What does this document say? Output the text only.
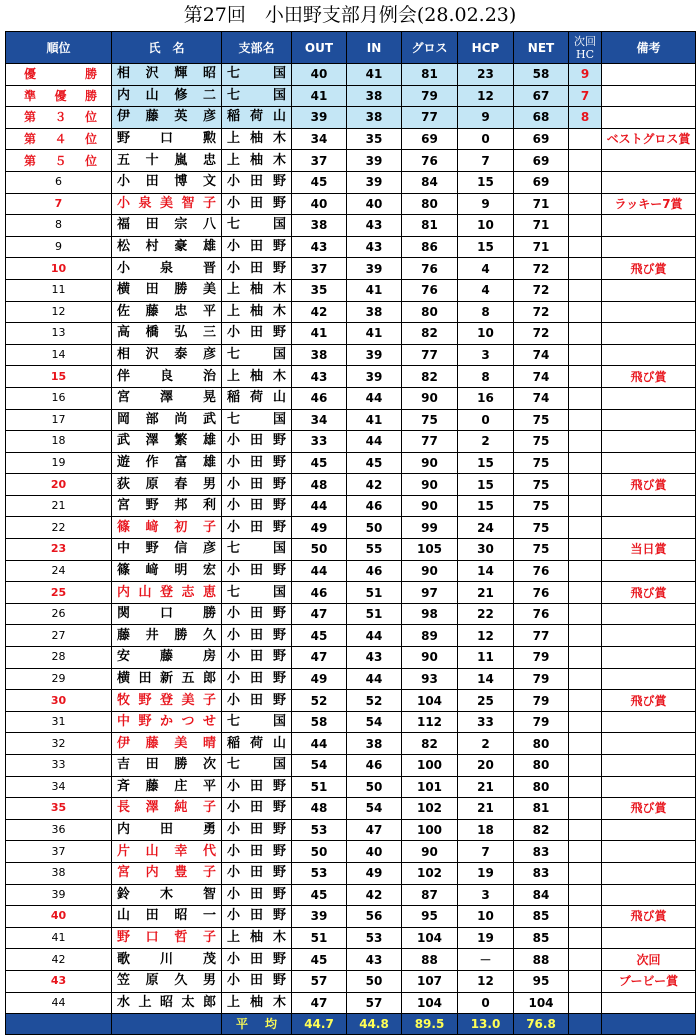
第27回　小田野支部月例会(28.02.23)
順位	氏　名	支部名	OUT	IN	グロス	HCP	NET	次回HC	備考
優　勝	相沢輝昭	七国	40	41	81	23	58	9	
準優勝	内山修二	七国	41	38	79	12	67	7	
第３位	伊藤英彦	稲荷山	39	38	77	9	68	8	
第４位	野口勲	上柚木	34	35	69	0	69		ベストグロス賞
第５位	五十嵐忠	上柚木	37	39	76	7	69		
6	小田博文	小田野	45	39	84	15	69		
7	小泉美智子	小田野	40	40	80	9	71		ラッキー7賞
8	福田宗八	七国	38	43	81	10	71		
9	松村豪雄	小田野	43	43	86	15	71		
10	小泉晋	小田野	37	39	76	4	72		飛び賞
11	横田勝美	上柚木	35	41	76	4	72		
12	佐藤忠平	上柚木	42	38	80	8	72		
13	高橋弘三	小田野	41	41	82	10	72		
14	相沢泰彦	七国	38	39	77	3	74		
15	伴良治	上柚木	43	39	82	8	74		飛び賞
16	宮澤晃	稲荷山	46	44	90	16	74		
17	岡部尚武	七国	34	41	75	0	75		
18	武澤繁雄	小田野	33	44	77	2	75		
19	遊作富雄	小田野	45	45	90	15	75		
20	荻原春男	小田野	48	42	90	15	75		飛び賞
21	宮野邦利	小田野	44	46	90	15	75		
22	篠﨑初子	小田野	49	50	99	24	75		
23	中野信彦	七国	50	55	105	30	75		当日賞
24	篠﨑明宏	小田野	44	46	90	14	76		
25	内山登志恵	七国	46	51	97	21	76		飛び賞
26	関口勝	小田野	47	51	98	22	76		
27	藤井勝久	小田野	45	44	89	12	77		
28	安藤房	小田野	47	43	90	11	79		
29	横田新五郎	小田野	49	44	93	14	79		
30	牧野登美子	小田野	52	52	104	25	79		飛び賞
31	中野かつせ	七国	58	54	112	33	79		
32	伊藤美晴	稲荷山	44	38	82	2	80		
33	吉田勝次	七国	54	46	100	20	80		
34	斉藤庄平	小田野	51	50	101	21	80		
35	長澤純子	小田野	48	54	102	21	81		飛び賞
36	内田勇	小田野	53	47	100	18	82		
37	片山幸代	小田野	50	40	90	7	83		
38	宮内豊子	小田野	53	49	102	19	83		
39	鈴木智	小田野	45	42	87	3	84		
40	山田昭一	小田野	39	56	95	10	85		飛び賞
41	野口哲子	上柚木	51	53	104	19	85		
42	歌川茂	小田野	45	43	88	－	88		次回
43	笠原久男	小田野	57	50	107	12	95		ブービー賞
44	水上昭太郎	上柚木	47	57	104	0	104		
		平均	44.7	44.8	89.5	13.0	76.8		
